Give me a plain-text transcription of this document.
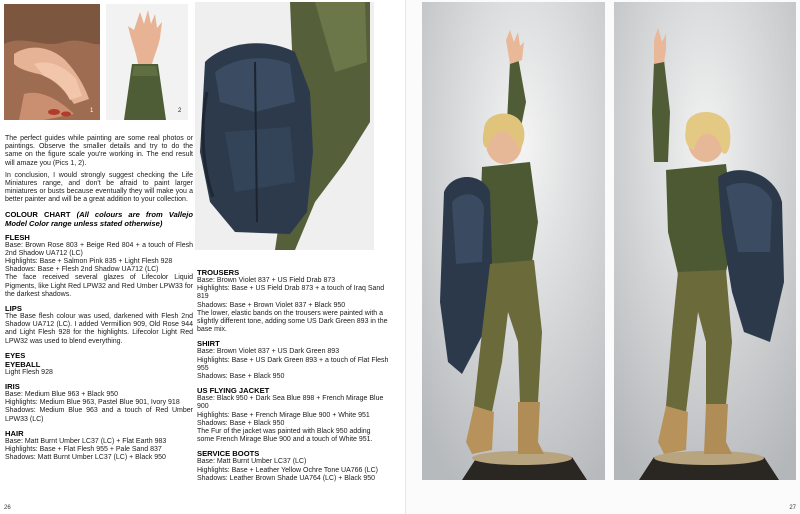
1	2

The perfect guides while painting are some real photos or paintings. Observe the smaller details and try to do the same on the figure scale you're working in. The end result will amaze you (Pics 1, 2).

In conclusion, I would strongly suggest checking the Life Miniatures range, and don't be afraid to paint larger miniatures or busts because eventually they will make you a better painter and will be a great addition to your collection.

COLOUR CHART (All colours are from Vallejo Model Color range unless stated otherwise)
FLESH
Base: Brown Rose 803 + Beige Red 804 + a touch of Flesh 2nd Shadow UA712 (LC)
Highlights: Base + Salmon Pink 835 + Light Flesh 928
Shadows: Base + Flesh 2nd Shadow UA712 (LC)
The face received several glazes of Lifecolor Liquid Pigments, like Light Red LPW32 and Red Umber LPW33 for the darkest shadows.
LIPS
The Base flesh colour was used, darkened with Flesh 2nd Shadow UA712 (LC). I added Vermillion 909, Old Rose 944 and Light Flesh 928 for the highlights. Lifecolor Light Red LPW32 was used to blend everything.
EYES
EYEBALL
Light Flesh 928
IRIS
Base: Medium Blue 963 + Black 950
Highlights: Medium Blue 963, Pastel Blue 901, Ivory 918
Shadows: Medium Blue 963 and a touch of Red Umber LPW33 (LC)
HAIR
Base: Matt Burnt Umber LC37 (LC) + Flat Earth 983
Highlights: Base + Flat Flesh 955 + Pale Sand 837
Shadows: Matt Burnt Umber LC37 (LC) + Black 950
TROUSERS
Base: Brown Violet 837 + US Field Drab 873
Highlights: Base + US Field Drab 873 + a touch of Iraq Sand 819
Shadows: Base + Brown Violet 837 + Black 950
The lower, elastic bands on the trousers were painted with a slightly different tone, adding some US Dark Green 893 in the base mix.
SHIRT
Base: Brown Violet 837 + US Dark Green 893
Highlights: Base + US Dark Green 893 + a touch of Flat Flesh 955
Shadows: Base + Black 950
US FLYING JACKET
Base: Black 950 + Dark Sea Blue 898 + French Mirage Blue 900
Highlights: Base + French Mirage Blue 900 + White 951
Shadows: Base + Black 950
The Fur of the jacket was painted with Black 950 adding some French Mirage Blue 900 and a touch of White 951.
SERVICE BOOTS
Base: Matt Burnt Umber LC37 (LC)
Highlights: Base + Leather Yellow Ochre Tone UA766 (LC)
Shadows: Leather Brown Shade UA764 (LC) + Black 950
26	27
